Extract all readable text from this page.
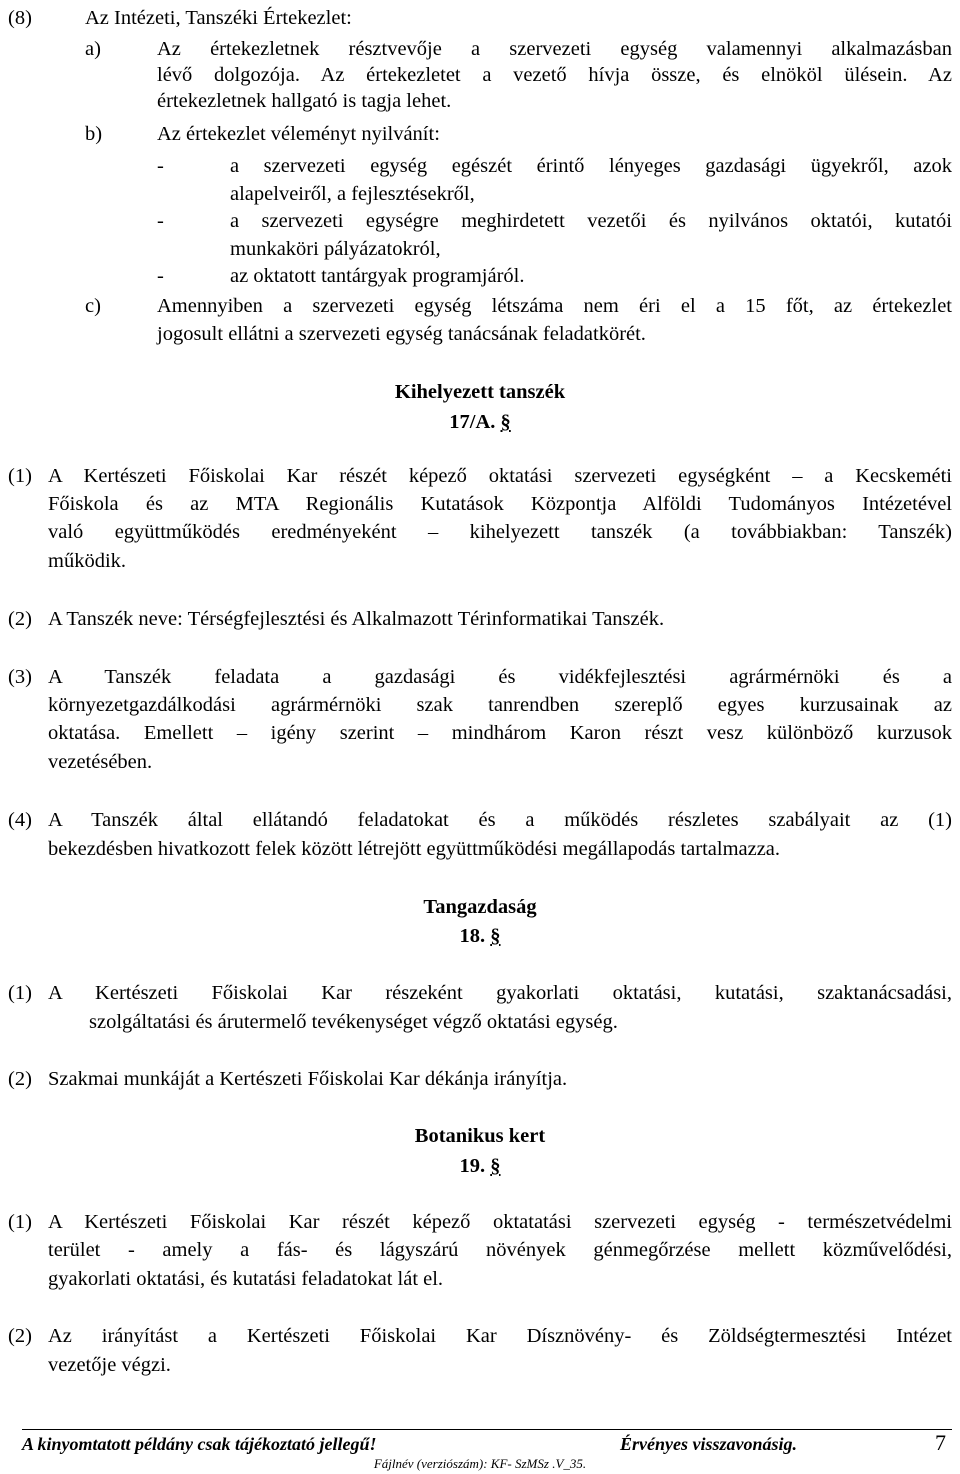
(8)	Az Intézeti, Tanszéki Értekezlet:
a)	Az értekezletnek résztvevője a szervezeti egység valamennyi alkalmazásban
lévő dolgozója. Az értekezletet a vezető hívja össze, és elnököl ülésein. Az
értekezletnek hallgató is tagja lehet.
b)	Az értekezlet véleményt nyilvánít:
-	a szervezeti egység egészét érintő lényeges gazdasági ügyekről, azok
alapelveiről, a fejlesztésekről,
-	a szervezeti egységre meghirdetett vezetői és nyilvános oktatói, kutatói
munkaköri pályázatokról,
-	az oktatott tantárgyak programjáról.
c)	Amennyiben a szervezeti egység létszáma nem éri el a 15 főt, az értekezlet
jogosult ellátni a szervezeti egység tanácsának feladatkörét.
Kihelyezett tanszék
17/A. §
(1) A Kertészeti Főiskolai Kar részét képező oktatási szervezeti egységként – a Kecskeméti
Főiskola és az MTA Regionális Kutatások Központja Alföldi Tudományos Intézetével
való együttműködés eredményeként – kihelyezett tanszék (a továbbiakban: Tanszék)
működik.
(2) A Tanszék neve: Térségfejlesztési és Alkalmazott Térinformatikai Tanszék.
(3) A Tanszék feladata a gazdasági és vidékfejlesztési agrármérnöki és a
környezetgazdálkodási agrármérnöki szak tanrendben szereplő egyes kurzusainak az
oktatása. Emellett – igény szerint – mindhárom Karon részt vesz különböző kurzusok
vezetésében.
(4) A Tanszék által ellátandó feladatokat és a működés részletes szabályait az (1)
bekezdésben hivatkozott felek között létrejött együttműködési megállapodás tartalmazza.
Tangazdaság
18. §
(1) A Kertészeti Főiskolai Kar részeként gyakorlati oktatási, kutatási, szaktanácsadási,
szolgáltatási és árutermelő tevékenységet végző oktatási egység.
(2) Szakmai munkáját a Kertészeti Főiskolai Kar dékánja irányítja.
Botanikus kert
19. §
(1) A Kertészeti Főiskolai Kar részét képező oktatatási szervezeti egység - természetvédelmi
terület - amely a fás- és lágyszárú növények génmegőrzése mellett közművelődési,
gyakorlati oktatási, és kutatási feladatokat lát el.
(2) Az irányítást a Kertészeti Főiskolai Kar Dísznövény- és Zöldségtermesztési Intézet
vezetője végzi.
A kinyomtatott példány csak tájékoztató jellegű!	Érvényes visszavonásig.	7
Fájlnév (verziószám): KF- SzMSz .V_35.
